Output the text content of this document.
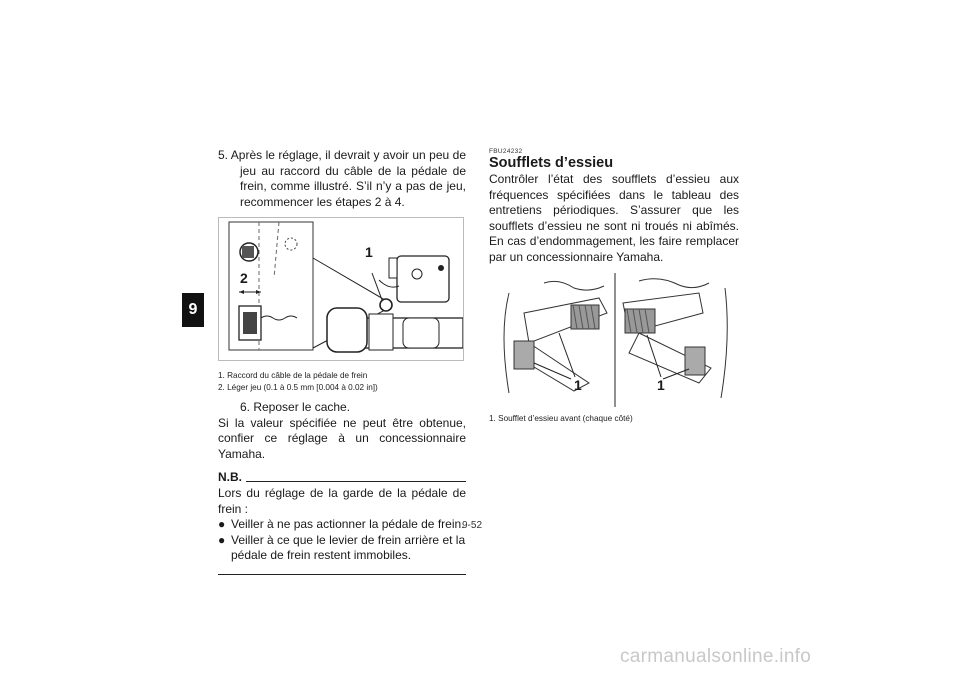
9
5. Après le réglage, il devrait y avoir un peu de jeu au raccord du câble de la pédale de frein, comme illustré. S’il n’y a pas de jeu, recommencer les étapes 2 à 4.
1
2
1. Raccord du câble de la pédale de frein
2. Léger jeu (0.1 à 0.5 mm [0.004 à 0.02 in])
6. Reposer le cache.
Si la valeur spécifiée ne peut être obtenue, confier ce réglage à un concessionnaire Yamaha.
N.B.
Lors du réglage de la garde de la pédale de frein :
● Veiller à ne pas actionner la pédale de frein.
● Veiller à ce que le levier de frein arrière et la pédale de frein restent immobiles.
FBU24232
Soufflets d’essieu
Contrôler l’état des soufflets d’essieu aux fréquences spécifiées dans le tableau des entretiens périodiques. S’assurer que les soufflets d’essieu ne sont ni troués ni abîmés. En cas d’endommagement, les faire remplacer par un concessionnaire Yamaha.
1	1
1. Soufflet d’essieu avant (chaque côté)
9-52
carmanualsonline.info
